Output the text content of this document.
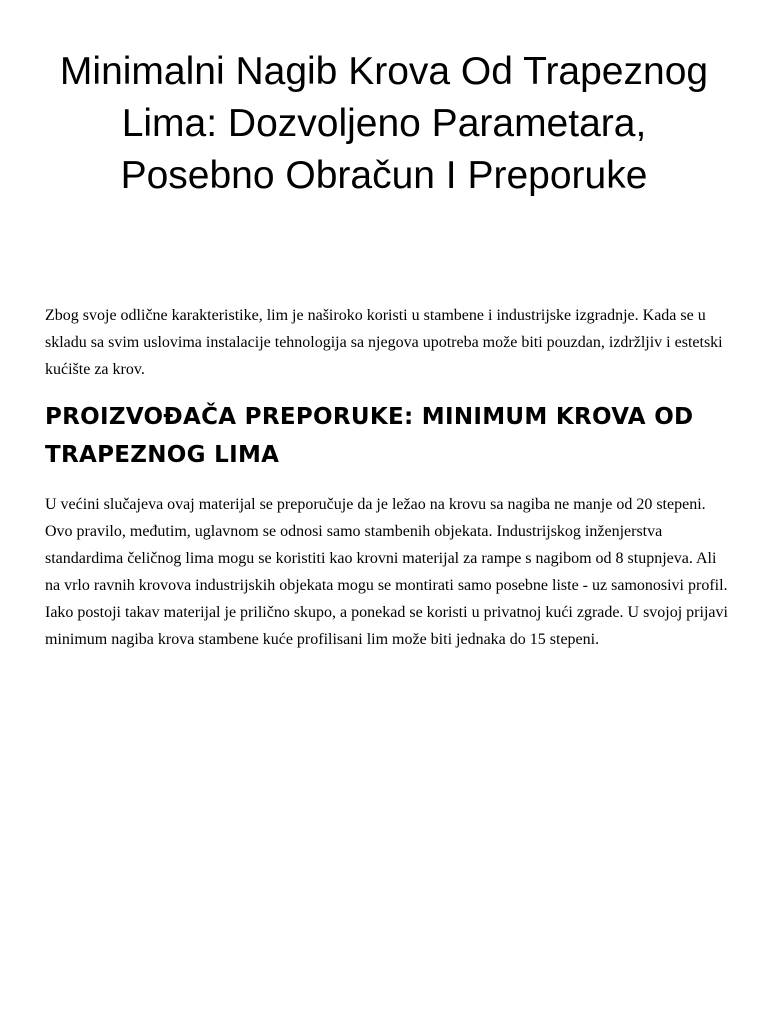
Minimalni Nagib Krova Od Trapeznog Lima: Dozvoljeno Parametara, Posebno Obračun I Preporuke

Zbog svoje odlične karakteristike, lim je naširoko koristi u stambene i industrijske izgradnje. Kada se u skladu sa svim uslovima instalacije tehnologija sa njegova upotreba može biti pouzdan, izdržljiv i estetski kućište za krov.

PROIZVOĐAČA PREPORUKE: MINIMUM KROVA OD TRAPEZNOG LIMA

U većini slučajeva ovaj materijal se preporučuje da je ležao na krovu sa nagiba ne manje od 20 stepeni. Ovo pravilo, međutim, uglavnom se odnosi samo stambenih objekata. Industrijskog inženjerstva standardima čeličnog lima mogu se koristiti kao krovni materijal za rampe s nagibom od 8 stupnjeva. Ali na vrlo ravnih krovova industrijskih objekata mogu se montirati samo posebne liste - uz samonosivi profil. Iako postoji takav materijal je prilično skupo, a ponekad se koristi u privatnoj kući zgrade. U svojoj prijavi minimum nagiba krova stambene kuće profilisani lim može biti jednaka do 15 stepeni.
